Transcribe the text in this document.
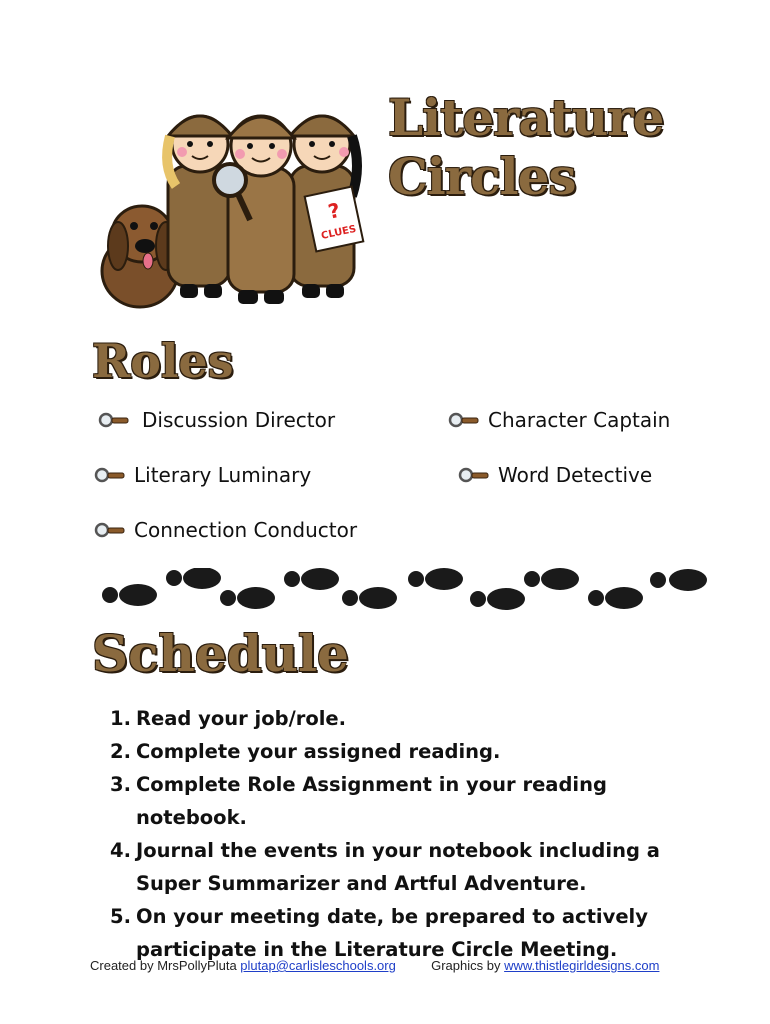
?
CLUES
Literature Circles
Roles
Discussion Director	Character Captain
Literary Luminary	Word Detective
Connection Conductor
Schedule
1. Read your job/role.
2. Complete your assigned reading.
3. Complete Role Assignment in your reading notebook.
4. Journal the events in your notebook including a Super Summarizer and Artful Adventure.
5. On your meeting date, be prepared to actively participate in the Literature Circle Meeting.
Created by MrsPollyPluta plutap@carlisleschools.org	Graphics by www.thistlegirldesigns.com
